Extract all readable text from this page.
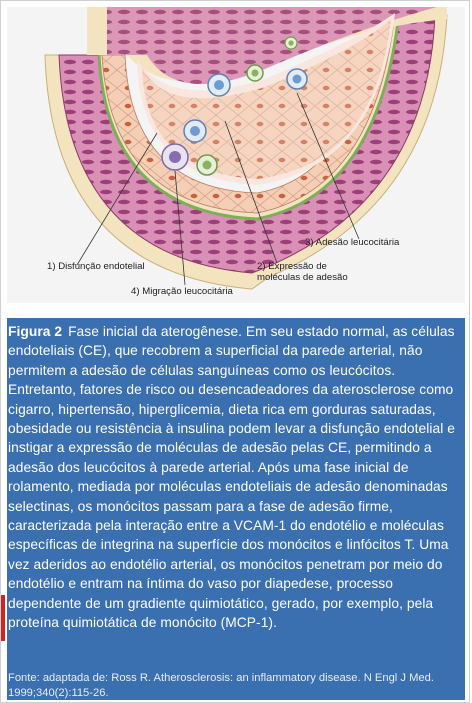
1) Disfunção endotelial	2) Expressão de
moléculas de adesão
3) Adesão leucocitária
4) Migração leucocitária
Figura 2 Fase inicial da aterogênese. Em seu estado normal, as células endoteliais (CE), que recobrem a superficial da parede arterial, não permitem a adesão de células sanguíneas como os leucócitos. Entretanto, fatores de risco ou desencadeadores da aterosclerose como cigarro, hipertensão, hiperglicemia, dieta rica em gorduras saturadas, obesidade ou resistência à insulina podem levar a disfunção endotelial e instigar a expressão de moléculas de adesão pelas CE, permitindo a adesão dos leucócitos à parede arterial. Após uma fase inicial de rolamento, mediada por moléculas endoteliais de adesão denominadas selectinas, os monócitos passam para a fase de adesão firme, caracterizada pela interação entre a VCAM-1 do endotélio e moléculas específicas de integrina na superfície dos monócitos e linfócitos T. Uma vez aderidos ao endotélio arterial, os monócitos penetram por meio do endotélio e entram na íntima do vaso por diapedese, processo dependente de um gradiente quimiotático, gerado, por exemplo, pela proteína quimiotática de monócito (MCP-1).
Fonte: adaptada de: Ross R. Atherosclerosis: an inflammatory disease. N Engl J Med. 1999;340(2):115-26.
